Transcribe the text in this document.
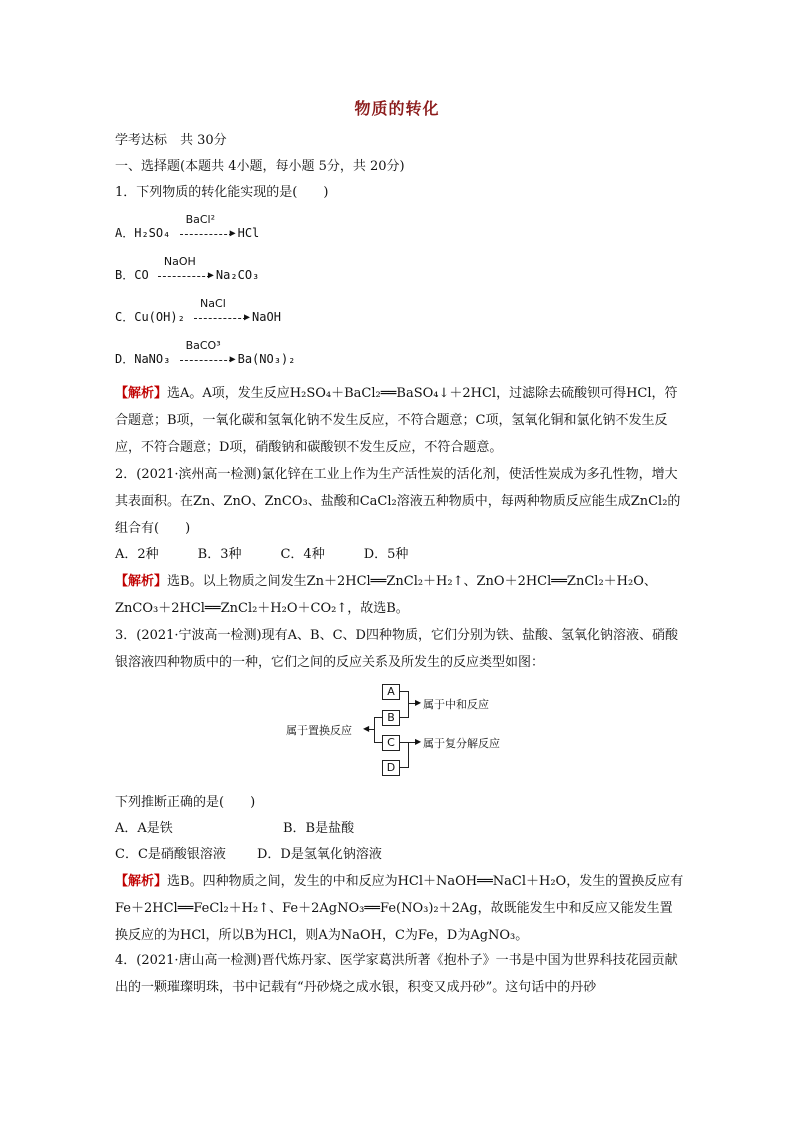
物质的转化
学考达标　共 30分
一、选择题(本题共 4小题，每小题 5分，共 20分)
1．下列物质的转化能实现的是(　　)
A．H₂SO₄
BaCl²
▶ HCl
B．CO
NaOH
▶ Na₂CO₃
C．Cu(OH)₂
NaCl
▶ NaOH
D．NaNO₃
BaCO³
▶ Ba(NO₃)₂
【解析】选A。A项，发生反应H₂SO₄＋BaCl₂══BaSO₄↓＋2HCl，过滤除去硫酸钡可得HCl，符合题意；B项，一氧化碳和氢氧化钠不发生反应，不符合题意；C项，氢氧化铜和氯化钠不发生反应，不符合题意；D项，硝酸钠和碳酸钡不发生反应，不符合题意。
2．(2021·滨州高一检测)氯化锌在工业上作为生产活性炭的活化剂，使活性炭成为多孔性物，增大其表面积。在Zn、ZnO、ZnCO₃、盐酸和CaCl₂溶液五种物质中，每两种物质反应能生成ZnCl₂的组合有(　　)
A．2种　　　B．3种　　　C．4种　　　D．5种
【解析】选B。以上物质之间发生Zn＋2HCl══ZnCl₂＋H₂↑、ZnO＋2HCl══ZnCl₂＋H₂O、ZnCO₃＋2HCl══ZnCl₂＋H₂O＋CO₂↑，故选B。
3．(2021·宁波高一检测)现有A、B、C、D四种物质，它们分别为铁、盐酸、氢氧化钠溶液、硝酸银溶液四种物质中的一种，它们之间的反应关系及所发生的反应类型如图：
A
B
C
D
▶ 属于中和反应
▶ 属于复分解反应
◀
属于置换反应
下列推断正确的是(　　)
A．A是铁	B．B是盐酸
C．C是硝酸银溶液 D．D是氢氧化钠溶液
【解析】选B。四种物质之间，发生的中和反应为HCl＋NaOH══NaCl＋H₂O，发生的置换反应有Fe＋2HCl══FeCl₂＋H₂↑、Fe＋2AgNO₃══Fe(NO₃)₂＋2Ag，故既能发生中和反应又能发生置换反应的为HCl，所以B为HCl，则A为NaOH，C为Fe，D为AgNO₃。
4．(2021·唐山高一检测)晋代炼丹家、医学家葛洪所著《抱朴子》一书是中国为世界科技花园贡献出的一颗璀璨明珠，书中记载有“丹砂烧之成水银，积变又成丹砂”。这句话中的丹砂
